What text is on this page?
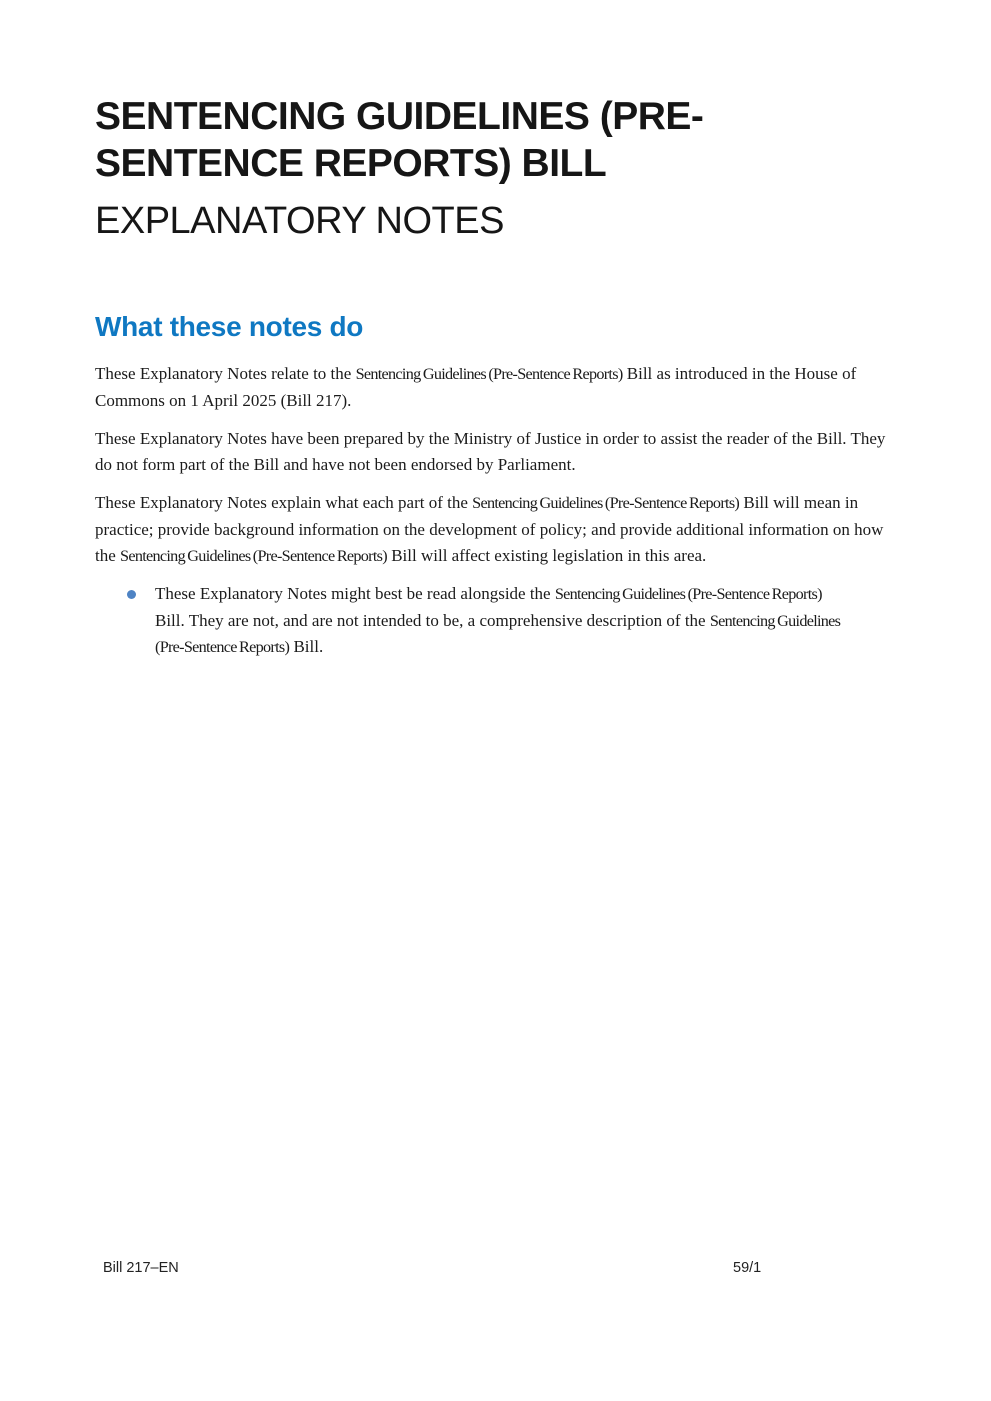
SENTENCING GUIDELINES (PRE-
SENTENCE REPORTS) BILL
EXPLANATORY NOTES
What these notes do

These Explanatory Notes relate to the Sentencing Guidelines (Pre-Sentence Reports) Bill as introduced in the House of Commons on 1 April 2025 (Bill 217).

These Explanatory Notes have been prepared by the Ministry of Justice in order to assist the reader of the Bill. They do not form part of the Bill and have not been endorsed by Parliament.

These Explanatory Notes explain what each part of the Sentencing Guidelines (Pre-Sentence Reports) Bill will mean in practice; provide background information on the development of policy; and provide additional information on how the Sentencing Guidelines (Pre-Sentence Reports) Bill will affect existing legislation in this area.

These Explanatory Notes might best be read alongside the Sentencing Guidelines (Pre-Sentence Reports) Bill. They are not, and are not intended to be, a comprehensive description of the Sentencing Guidelines (Pre-Sentence Reports) Bill.
Bill 217–EN	59/1
